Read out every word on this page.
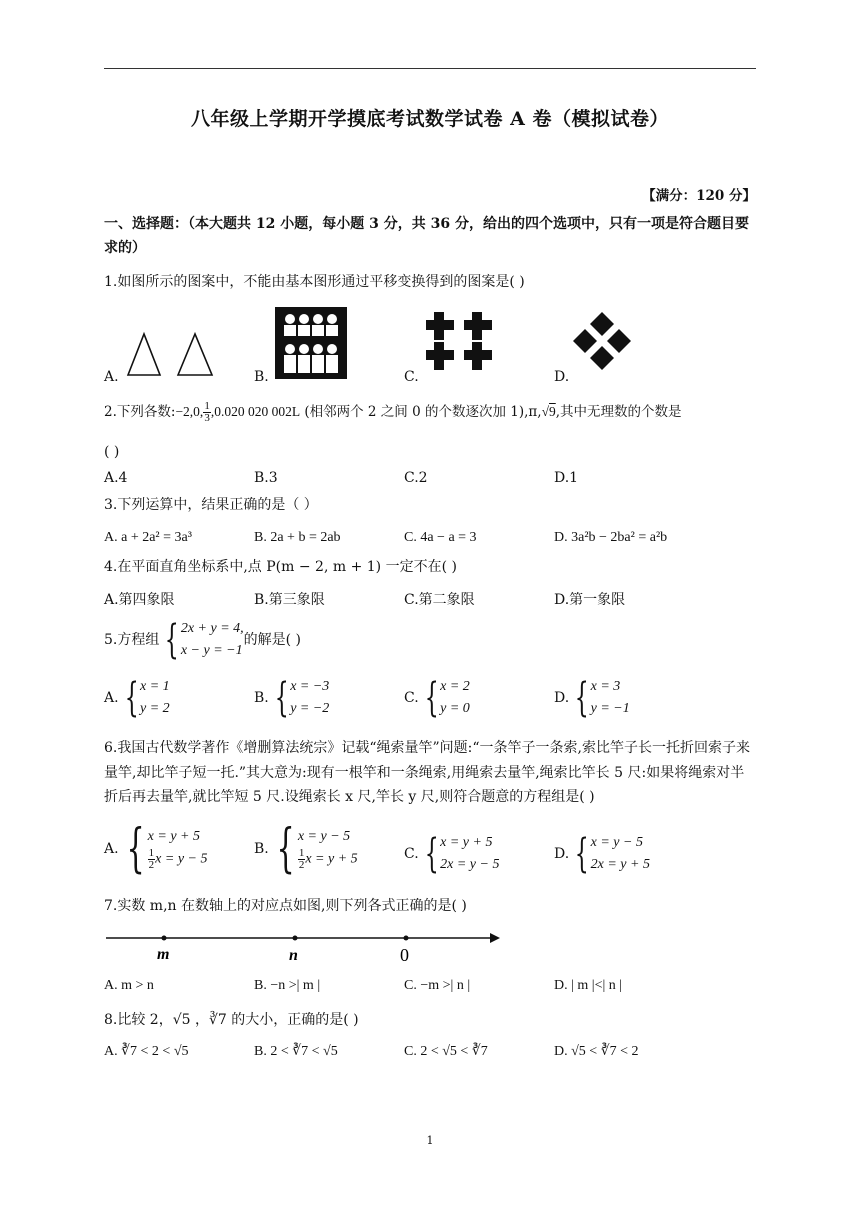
八年级上学期开学摸底考试数学试卷 A 卷（模拟试卷）
【满分：120 分】
一、选择题：（本大题共 12 小题，每小题 3 分，共 36 分，给出的四个选项中，只有一项是符合题目要求的）
1.如图所示的图案中，不能由基本图形通过平移变换得到的图案是( )
A.	B.	C.	D.
2.下列各数:−2,0, $\frac{1}{3} ,0.020$ 020 002L (相邻两个 2 之间 0 的个数逐次加 1),π,√9,其中无理数的个数是
( )
A.4	B.3	C.2	D.1
3.下列运算中，结果正确的是（ ）
A. a + 2a² = 3a³	B. 2a + b = 2ab	C. 4a − a = 3	D. 3a²b − 2ba² = a²b
4.在平面直角坐标系中,点 P(m − 2, m + 1) 一定不在( )
A.第四象限	B.第三象限	C.第二象限	D.第一象限
5.方程组 { 2x + y = 4,
x − y = −1
的解是( )
A. { x = 1
y = 2
B. { x = −3
y = −2
C. { x = 2
y = 0
D. { x = 3
y = −1
6.我国古代数学著作《增删算法统宗》记载“绳索量竿”问题:“一条竿子一条索,索比竿子长一托折回索子来量竿,却比竿子短一托.”其大意为:现有一根竿和一条绳索,用绳索去量竿,绳索比竿长 5 尺:如果将绳索对半折后再去量竿,就比竿短 5 尺.设绳索长 x 尺,竿长 y 尺,则符合题意的方程组是( )
A. { x = y + 5
$\frac{1}{2}$ x = y − 5
B. { x = y − 5
$\frac{1}{2}$ x = y + 5	C. { x = y + 5
2x = y − 5
D. { x = y − 5
2x = y + 5
7.实数 m,n 在数轴上的对应点如图,则下列各式正确的是( )
m	n	0
A. m > n	B. −n >| m |	C. −m >| n |	D. | m |<| n |
8.比较 2，√5 ，∛7 的大小，正确的是( )
A. ∛7 < 2 < √5	B. 2 < ∛7 < √5	C. 2 < √5 < ∛7	D. √5 < ∛7 < 2
1
